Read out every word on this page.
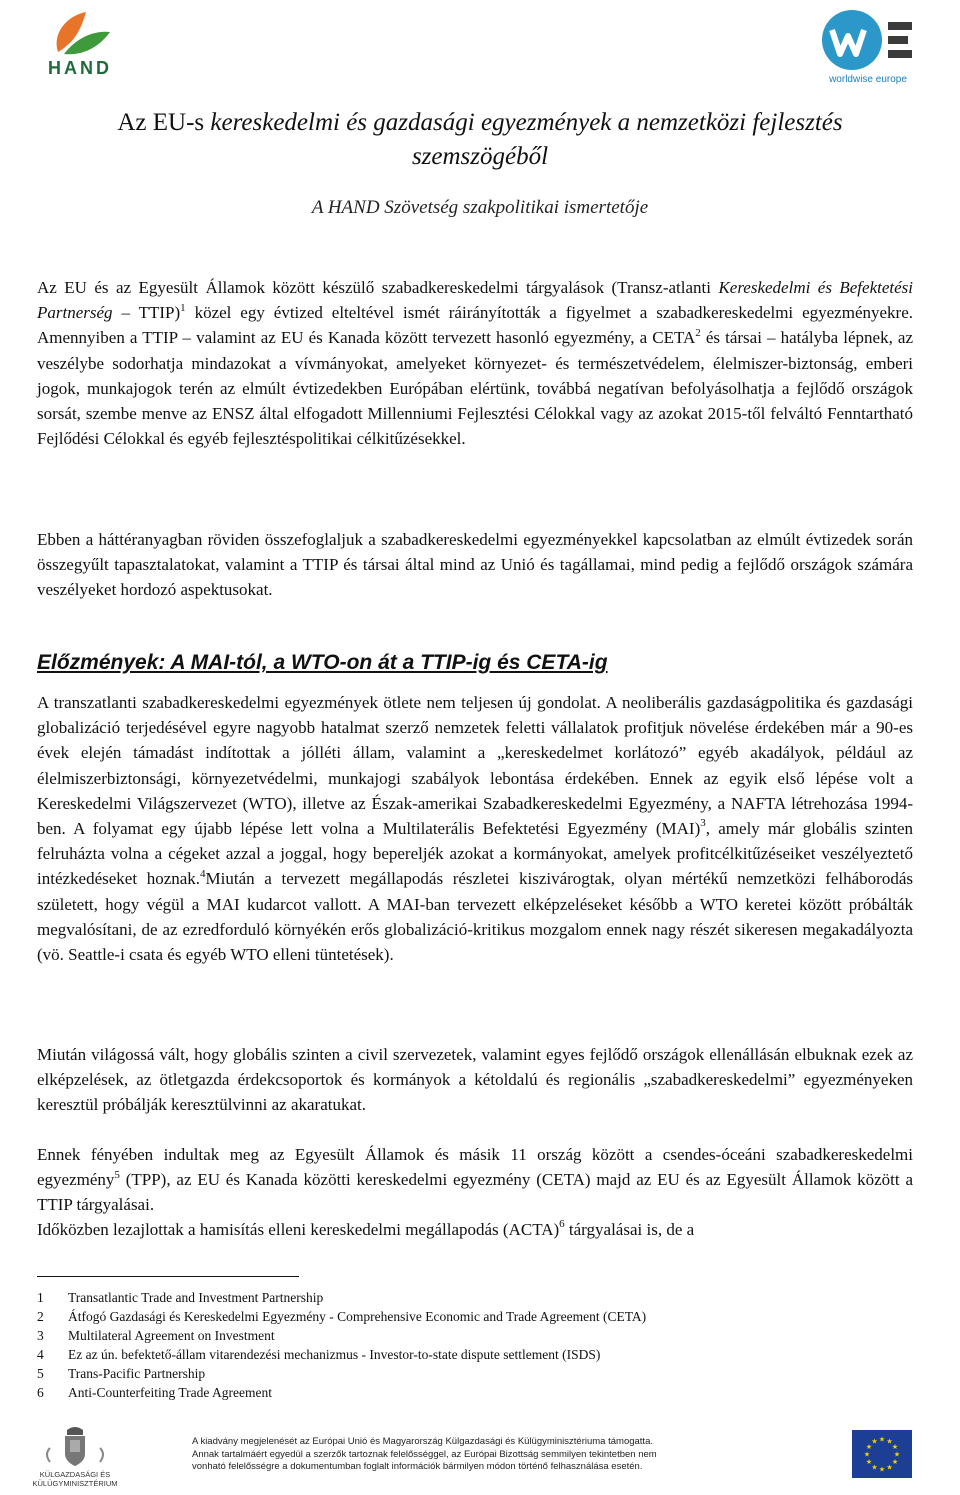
HAND
worldwise europe
Az EU-s kereskedelmi és gazdasági egyezmények a nemzetközi fejlesztés
szemszögéből
A HAND Szövetség szakpolitikai ismertetője
Az EU és az Egyesült Államok között készülő szabadkereskedelmi tárgyalások (Transz-atlanti Kereskedelmi és Befektetési Partnerség – TTIP)$^1$ közel egy évtized elteltével ismét ráirányították a figyelmet a szabadkereskedelmi egyezményekre. Amennyiben a TTIP – valamint az EU és Kanada között tervezett hasonló egyezmény, a CETA$^2$ és társai – hatályba lépnek, az veszélybe sodorhatja mindazokat a vívmányokat, amelyeket környezet- és természetvédelem, élelmiszer-biztonság, emberi jogok, munkajogok terén az elmúlt évtizedekben Európában elértünk, továbbá negatívan befolyásolhatja a fejlődő országok sorsát, szembe menve az ENSZ által elfogadott Millenniumi Fejlesztési Célokkal vagy az azokat 2015-től felváltó Fenntartható Fejlődési Célokkal és egyéb fejlesztéspolitikai célkitűzésekkel.
Ebben a háttéranyagban röviden összefoglaljuk a szabadkereskedelmi egyezményekkel kapcsolatban az elmúlt évtizedek során összegyűlt tapasztalatokat, valamint a TTIP és társai által mind az Unió és tagállamai, mind pedig a fejlődő országok számára veszélyeket hordozó aspektusokat.
Előzmények: A MAI-tól, a WTO-on át a TTIP-ig és CETA-ig
A transzatlanti szabadkereskedelmi egyezmények ötlete nem teljesen új gondolat. A neoliberális gazdaságpolitika és gazdasági globalizáció terjedésével egyre nagyobb hatalmat szerző nemzetek feletti vállalatok profitjuk növelése érdekében már a 90-es évek elején támadást indítottak a jólléti állam, valamint a „kereskedelmet korlátozó” egyéb akadályok, például az élelmiszerbiztonsági, környezetvédelmi, munkajogi szabályok lebontása érdekében. Ennek az egyik első lépése volt a Kereskedelmi Világszervezet (WTO), illetve az Észak-amerikai Szabadkereskedelmi Egyezmény, a NAFTA létrehozása 1994-ben. A folyamat egy újabb lépése lett volna a Multilaterális Befektetési Egyezmény (MAI)$^3$, amely már globális szinten felruházta volna a cégeket azzal a joggal, hogy bepereljék azokat a kormányokat, amelyek profitcélkitűzéseiket veszélyeztető intézkedéseket hoznak.$^4$Miután a tervezett megállapodás részletei kiszivárogtak, olyan mértékű nemzetközi felháborodás született, hogy végül a MAI kudarcot vallott. A MAI-ban tervezett elképzeléseket később a WTO keretei között próbálták megvalósítani, de az ezredforduló környékén erős globalizáció-kritikus mozgalom ennek nagy részét sikeresen megakadályozta (vö. Seattle-i csata és egyéb WTO elleni tüntetések).
Miután világossá vált, hogy globális szinten a civil szervezetek, valamint egyes fejlődő országok ellenállásán elbuknak ezek az elképzelések, az ötletgazda érdekcsoportok és kormányok a kétoldalú és regionális „szabadkereskedelmi” egyezményeken keresztül próbálják keresztülvinni az akaratukat.
Ennek fényében indultak meg az Egyesült Államok és másik 11 ország között a csendes-óceáni szabadkereskedelmi egyezmény$^5$ (TPP), az EU és Kanada közötti kereskedelmi egyezmény (CETA) majd az EU és az Egyesült Államok között a TTIP tárgyalásai.
Időközben lezajlottak a hamisítás elleni kereskedelmi megállapodás (ACTA)$^6$ tárgyalásai is, de a
1	Transatlantic Trade and Investment Partnership
2	Átfogó Gazdasági és Kereskedelmi Egyezmény - Comprehensive Economic and Trade Agreement (CETA)
3	Multilateral Agreement on Investment
4	Ez az ún. befektető-állam vitarendezési mechanizmus - Investor-to-state dispute settlement (ISDS)
5	Trans-Pacific Partnership
6	Anti-Counterfeiting Trade Agreement
KÜLGAZDASÁGI ÉS
KÜLÜGYMINISZTÉRIUM
A kiadvány megjelenését az Európai Unió és Magyarország Külgazdasági és Külügyminisztériuma támogatta.
Annak tartalmáért egyedül a szerzők tartoznak felelősséggel, az Európai Bizottság semmilyen tekintetben nem
vonható felelősségre a dokumentumban foglalt információk bármilyen módon történő felhasználása esetén.
★
★
★
★
★
★
★
★
★ ★ ★
★
